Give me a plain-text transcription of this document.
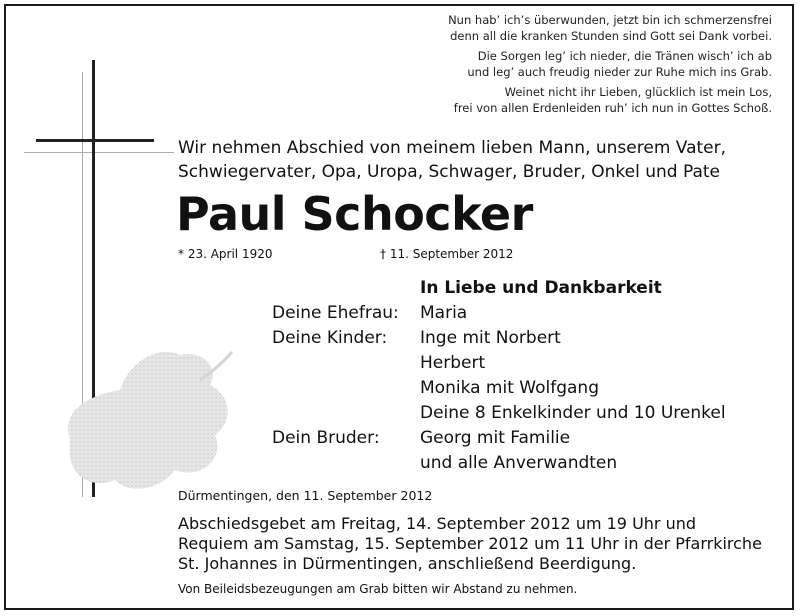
Nun hab’ ich’s überwunden, jetzt bin ich schmerzensfrei
denn all die kranken Stunden sind Gott sei Dank vorbei.
Die Sorgen leg’ ich nieder, die Tränen wisch’ ich ab
und leg’ auch freudig nieder zur Ruhe mich ins Grab.
Weinet nicht ihr Lieben, glücklich ist mein Los,
frei von allen Erdenleiden ruh’ ich nun in Gottes Schoß.
Wir nehmen Abschied von meinem lieben Mann, unserem Vater,
Schwiegervater, Opa, Uropa, Schwager, Bruder, Onkel und Pate
Paul Schocker
* 23. April 1920	† 11. September 2012
In Liebe und Dankbarkeit
Deine Ehefrau:	Maria
Deine Kinder:	Inge mit Norbert
Herbert
Monika mit Wolfgang
Deine 8 Enkelkinder und 10 Urenkel
Dein Bruder:	Georg mit Familie
und alle Anverwandten
Dürmentingen, den 11. September 2012
Abschiedsgebet am Freitag, 14. September 2012 um 19 Uhr und
Requiem am Samstag, 15. September 2012 um 11 Uhr in der Pfarrkirche
St. Johannes in Dürmentingen, anschließend Beerdigung.
Von Beileidsbezeugungen am Grab bitten wir Abstand zu nehmen.
